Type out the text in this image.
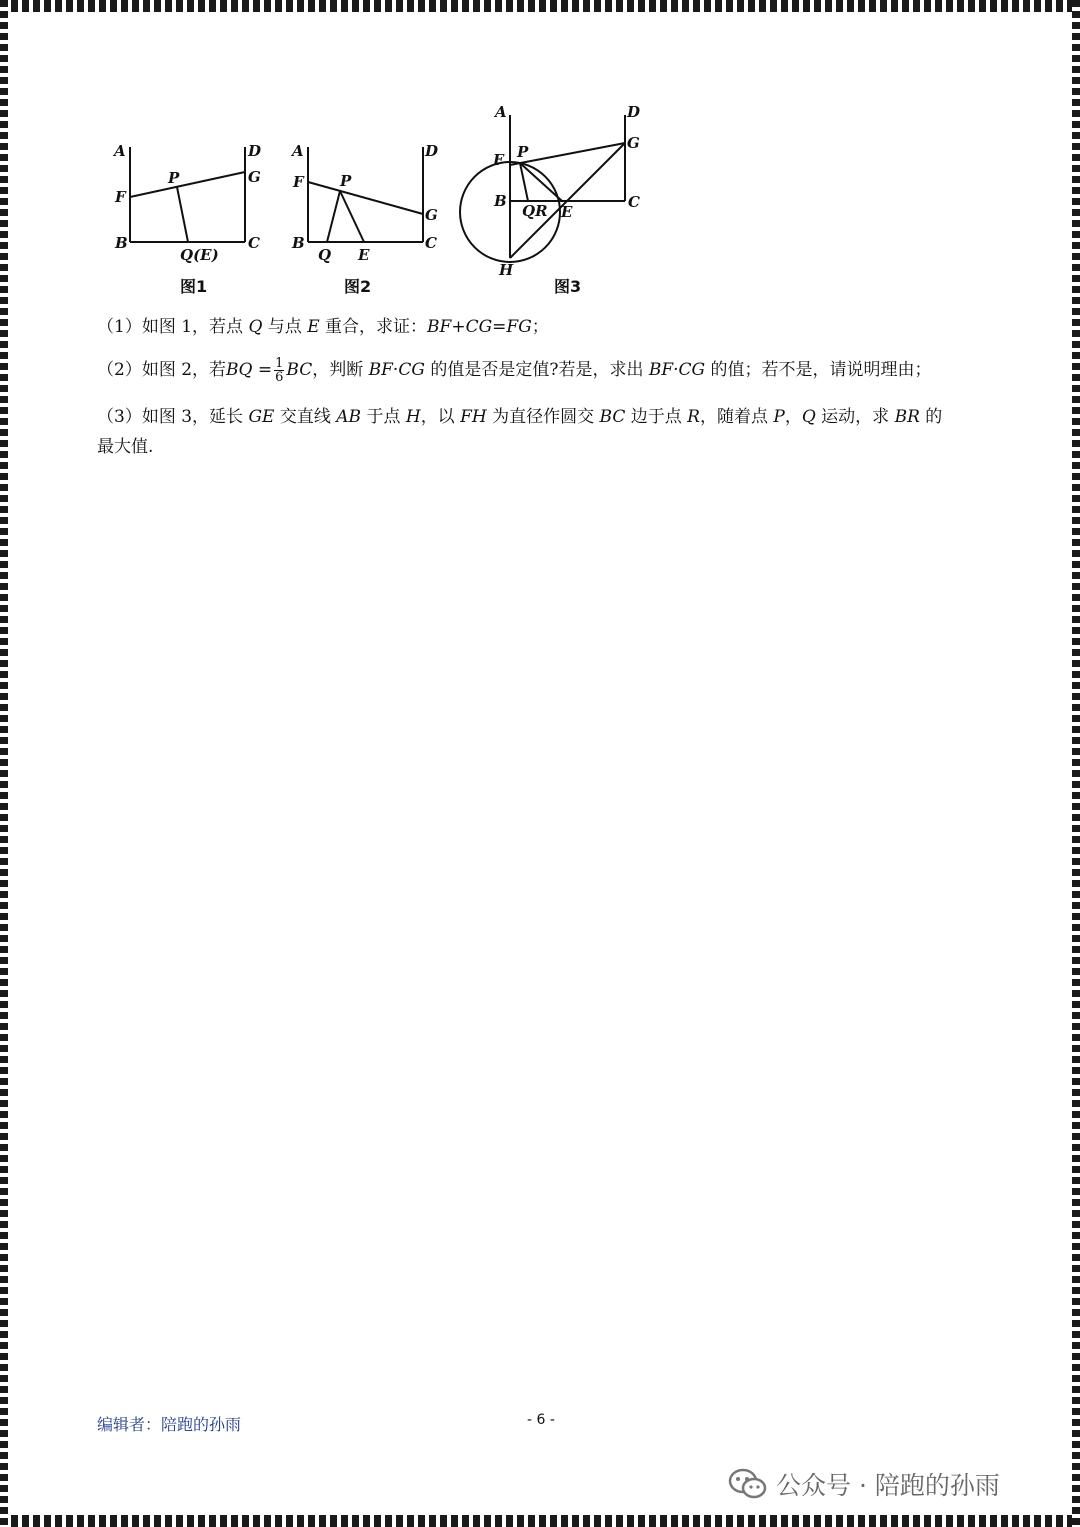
A	D
F
P	G
B
Q(E)
C
图1
A	D
F P
G
B
Q E
C
图2
A	D
F P	G
B
QR E
C
H
图3
（1）如图 1，若点 Q 与点 E 重合，求证：BF+CG=FG；
（2）如图 2，若BQ = $\frac{1}{6}$ BC，判断 BF·CG 的值是否是定值?若是，求出 BF·CG 的值；若不是，请说明理由；
（3）如图 3，延长 GE 交直线 AB 于点 H，以 FH 为直径作圆交 BC 边于点 R，随着点 P，Q 运动，求 BR 的
最大值.
编辑者：陪跑的孙雨	- 6 -
公众号 · 陪跑的孙雨
